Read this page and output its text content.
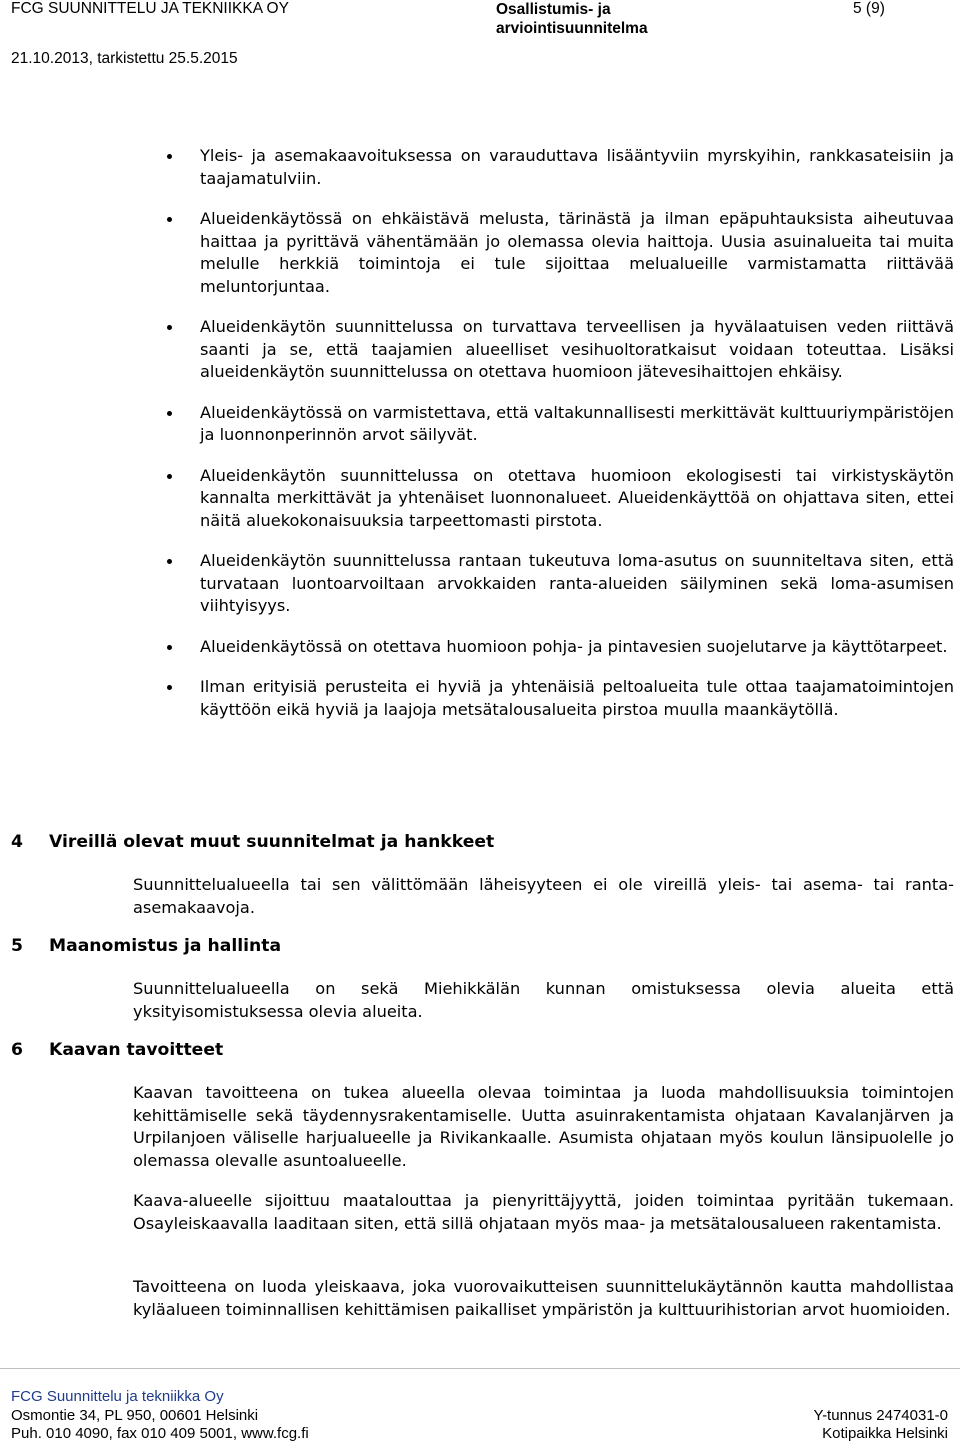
FCG SUUNNITTELU JA TEKNIIKKA OY	Osallistumis- ja arviointisuunnitelma
5 (9)
21.10.2013, tarkistettu 25.5.2015
Yleis- ja asemakaavoituksessa on varauduttava lisääntyviin myrskyihin, rankkasateisiin ja taajamatulviin.
Alueidenkäytössä on ehkäistävä melusta, tärinästä ja ilman epäpuhtauksista aiheutuvaa haittaa ja pyrittävä vähentämään jo olemassa olevia haittoja. Uusia asuinalueita tai muita melulle herkkiä toimintoja ei tule sijoittaa melualueille varmistamatta riittävää meluntorjuntaa.
Alueidenkäytön suunnittelussa on turvattava terveellisen ja hyvälaatuisen veden riittävä saanti ja se, että taajamien alueelliset vesihuoltoratkaisut voidaan toteuttaa. Lisäksi alueidenkäytön suunnittelussa on otettava huomioon jätevesihaittojen ehkäisy.
Alueidenkäytössä on varmistettava, että valtakunnallisesti merkittävät kulttuuriympäristöjen ja luonnonperinnön arvot säilyvät.
Alueidenkäytön suunnittelussa on otettava huomioon ekologisesti tai virkistyskäytön kannalta merkittävät ja yhtenäiset luonnonalueet. Alueidenkäyttöä on ohjattava siten, ettei näitä aluekokonaisuuksia tarpeettomasti pirstota.
Alueidenkäytön suunnittelussa rantaan tukeutuva loma-asutus on suunniteltava siten, että turvataan luontoarvoiltaan arvokkaiden ranta-alueiden säilyminen sekä loma-asumisen viihtyisyys.
Alueidenkäytössä on otettava huomioon pohja- ja pintavesien suojelutarve ja käyttötarpeet.
Ilman erityisiä perusteita ei hyviä ja yhtenäisiä peltoalueita tule ottaa taajamatoimintojen käyttöön eikä hyviä ja laajoja metsätalousalueita pirstoa muulla maankäytöllä.
4 Vireillä olevat muut suunnitelmat ja hankkeet

Suunnittelualueella tai sen välittömään läheisyyteen ei ole vireillä yleis- tai asema- tai ranta-asemakaavoja.

5 Maanomistus ja hallinta

Suunnittelualueella on sekä Miehikkälän kunnan omistuksessa olevia alueita että yksityisomistuksessa olevia alueita.

6 Kaavan tavoitteet

Kaavan tavoitteena on tukea alueella olevaa toimintaa ja luoda mahdollisuuksia toimintojen kehittämiselle sekä täydennysrakentamiselle. Uutta asuinrakentamista ohjataan Kavalanjärven ja Urpilanjoen väliselle harjualueelle ja Rivikankaalle. Asumista ohjataan myös koulun länsipuolelle jo olemassa olevalle asuntoalueelle.

Kaava-alueelle sijoittuu maatalouttaa ja pienyrittäjyyttä, joiden toimintaa pyritään tukemaan. Osayleiskaavalla laaditaan siten, että sillä ohjataan myös maa- ja metsätalousalueen rakentamista.

Tavoitteena on luoda yleiskaava, joka vuorovaikutteisen suunnittelukäytännön kautta mahdollistaa kyläalueen toiminnallisen kehittämisen paikalliset ympäristön ja kulttuurihistorian arvot huomioiden.

FCG Suunnittelu ja tekniikka Oy
Osmontie 34, PL 950, 00601 Helsinki
Puh. 010 4090, fax 010 409 5001, www.fcg.fi
Y-tunnus 2474031-0
Kotipaikka Helsinki
